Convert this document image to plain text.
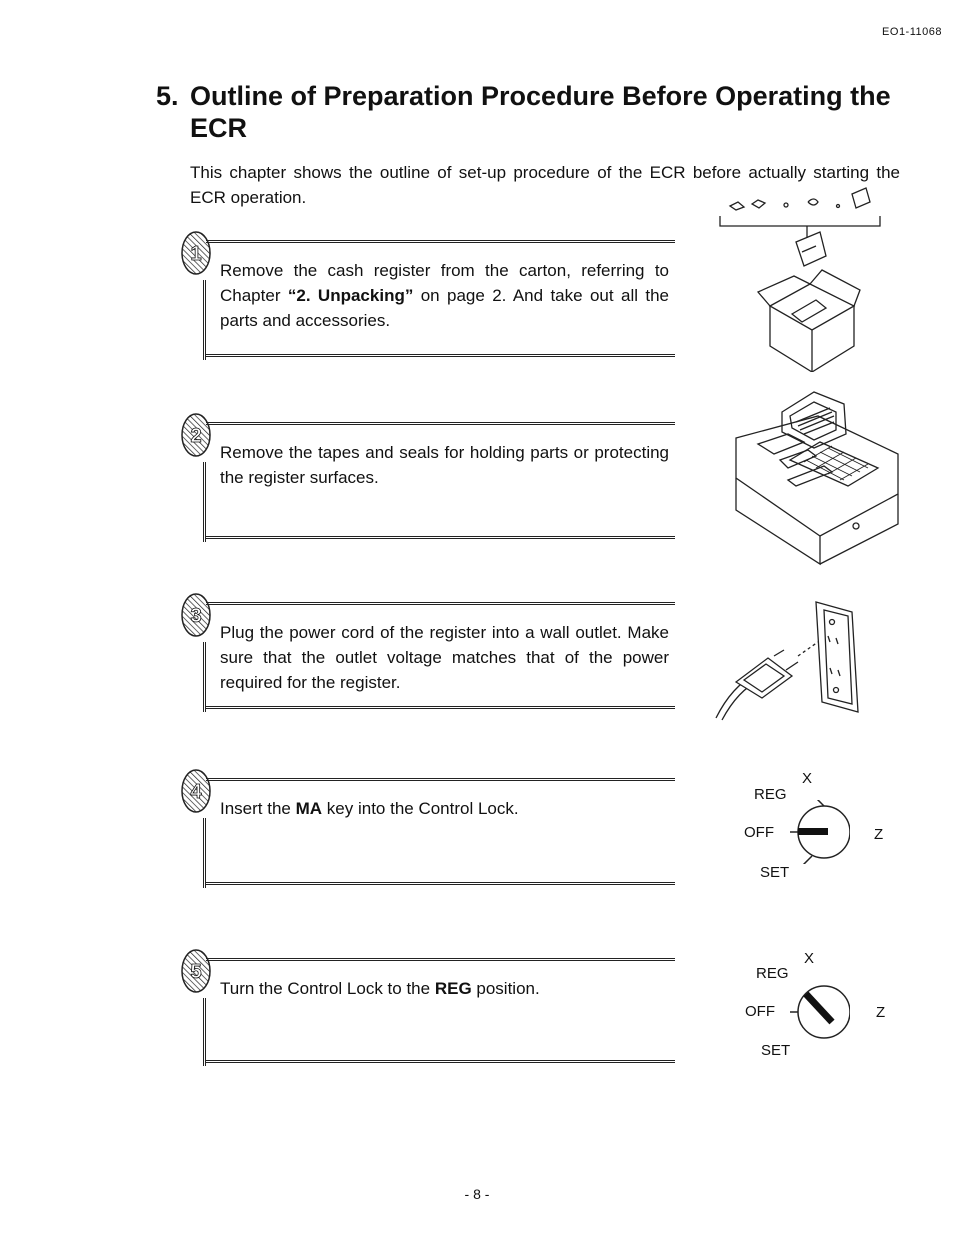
EO1-11068
5. Outline of Preparation Procedure Before Operating the ECR

This chapter shows the outline of set-up procedure of the ECR before actually starting the ECR operation.

1
Remove the cash register from the carton, referring to Chapter “2. Unpacking” on page 2. And take out all the parts and accessories.
2
Remove the tapes and seals for holding parts or protecting the register surfaces.
3
Plug the power cord of the register into a wall outlet. Make sure that the outlet voltage matches that of the power required for the register.
4
Insert the MA key into the Control Lock.
5
Turn the Control Lock to the REG position.
X
REG
OFF	Z
SET
X
REG
OFF	Z
SET
- 8 -
